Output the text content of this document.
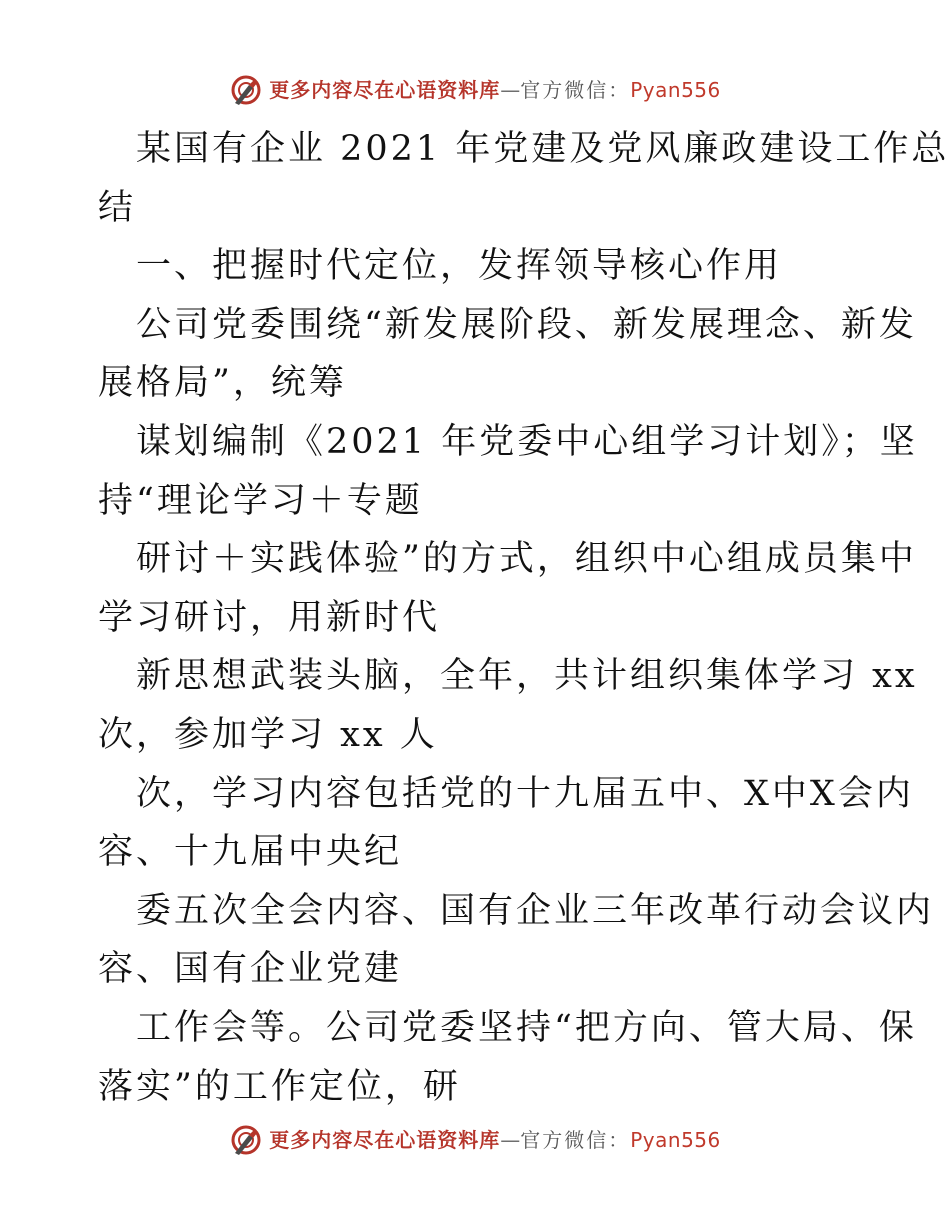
更多内容尽在心语资料库 — 官方微信： Pyan556
某国有企业 2021 年党建及党风廉政建设工作总
结
一、把握时代定位，发挥领导核心作用
公司党委围绕“新发展阶段、新发展理念、新发
展格局”，统筹
谋划编制《2021 年党委中心组学习计划》；坚
持“理论学习＋专题
研讨＋实践体验”的方式，组织中心组成员集中
学习研讨，用新时代
新思想武装头脑，全年，共计组织集体学习 xx
次，参加学习 xx 人
次，学习内容包括党的十九届五中、X中X会内
容、十九届中央纪
委五次全会内容、国有企业三年改革行动会议内
容、国有企业党建
工作会等。公司党委坚持“把方向、管大局、保
落实”的工作定位，研
更多内容尽在心语资料库 — 官方微信： Pyan556
